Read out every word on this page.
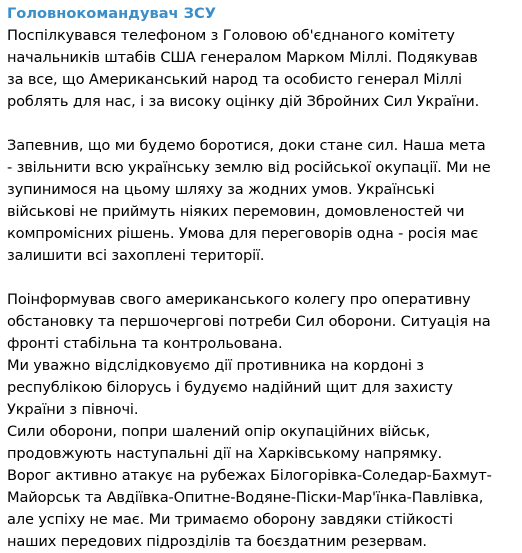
Головнокомандувач ЗСУ
Поспілкувався телефоном з Головою об'єднаного комітету
начальників штабів США генералом Марком Міллі. Подякував
за все, що Американський народ та особисто генерал Міллі
роблять для нас, і за високу оцінку дій Збройних Сил України.
Запевнив, що ми будемо боротися, доки стане сил. Наша мета
- звільнити всю українську землю від російської окупації. Ми не
зупинимося на цьому шляху за жодних умов. Українські
військові не приймуть ніяких перемовин, домовленостей чи
компромісних рішень. Умова для переговорів одна - росія має
залишити всі захоплені території.
Поінформував свого американського колегу про оперативну
обстановку та першочергові потреби Сил оборони. Ситуація на
фронті стабільна та контрольована.
Ми уважно відслідковуємо дії противника на кордоні з
республікою білорусь і будуємо надійний щит для захисту
України з півночі.
Сили оборони, попри шалений опір окупаційних військ,
продовжують наступальні дії на Харківському напрямку.
Ворог активно атакує на рубежах Білогорівка-Соледар-Бахмут-
Майорськ та Авдіївка-Опитне-Водяне-Піски-Мар'їнка-Павлівка,
але успіху не має. Ми тримаємо оборону завдяки стійкості
наших передових підрозділів та боєздатним резервам.
